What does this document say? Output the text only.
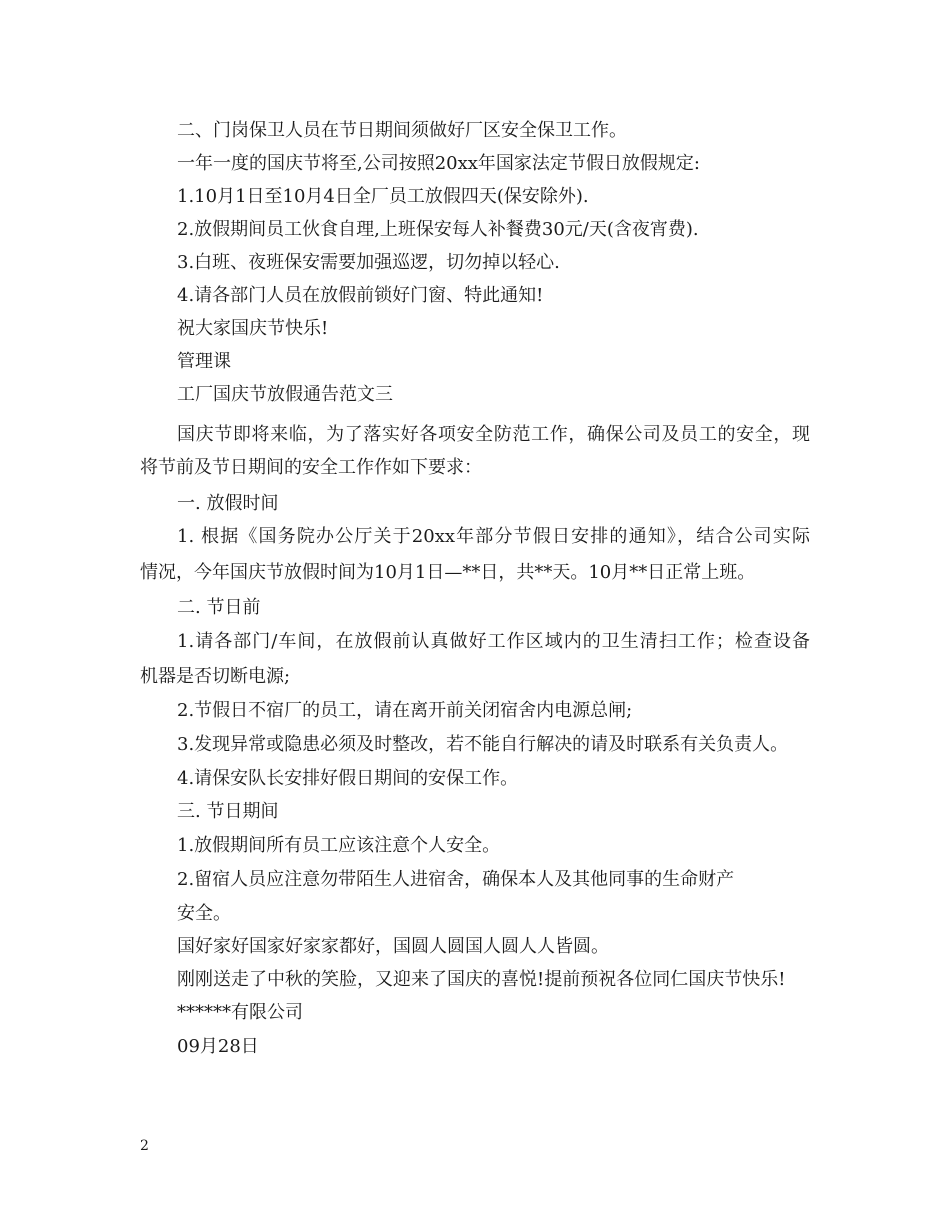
二、门岗保卫人员在节日期间须做好厂区安全保卫工作。
一年一度的国庆节将至,公司按照20xx年国家法定节假日放假规定:
1.10月1日至10月4日全厂员工放假四天(保安除外).
2.放假期间员工伙食自理,上班保安每人补餐费30元/天(含夜宵费).
3.白班、夜班保安需要加强巡逻，切勿掉以轻心.
4.请各部门人员在放假前锁好门窗、特此通知!
祝大家国庆节快乐!
管理课
工厂国庆节放假通告范文三
国庆节即将来临，为了落实好各项安全防范工作，确保公司及员工的安全，现
将节前及节日期间的安全工作作如下要求：
一. 放假时间
1. 根据《国务院办公厅关于20xx年部分节假日安排的通知》，结合公司实际
情况，今年国庆节放假时间为10月1日—**日，共**天。10月**日正常上班。
二. 节日前
1.请各部门/车间，在放假前认真做好工作区域内的卫生清扫工作；检查设备
机器是否切断电源;
2.节假日不宿厂的员工，请在离开前关闭宿舍内电源总闸;
3.发现异常或隐患必须及时整改，若不能自行解决的请及时联系有关负责人。
4.请保安队长安排好假日期间的安保工作。
三. 节日期间
1.放假期间所有员工应该注意个人安全。
2.留宿人员应注意勿带陌生人进宿舍，确保本人及其他同事的生命财产
安全。
国好家好国家好家家都好，国圆人圆国人圆人人皆圆。
刚刚送走了中秋的笑脸，又迎来了国庆的喜悦!提前预祝各位同仁国庆节快乐!
******有限公司
09月28日
2
